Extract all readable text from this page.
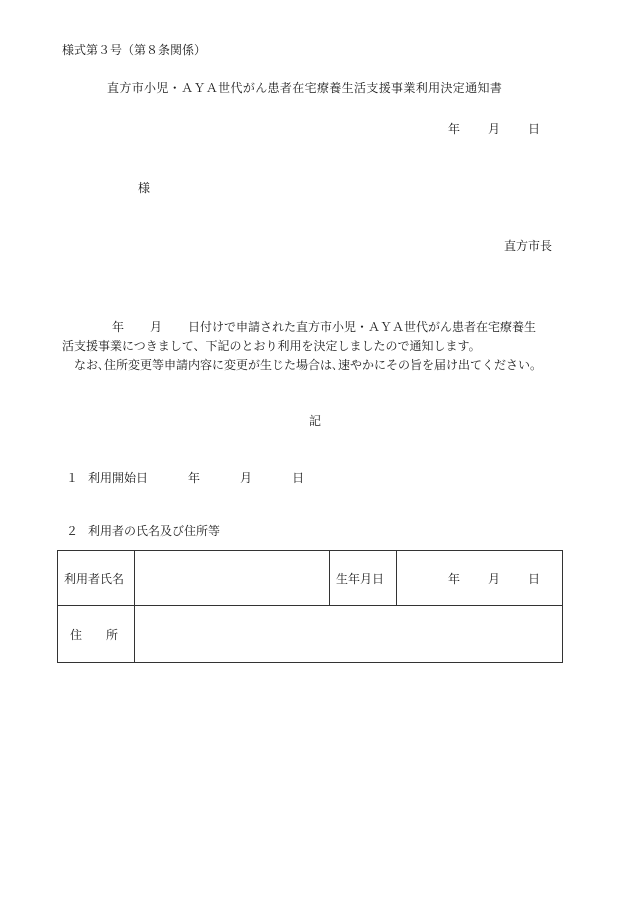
様式第３号（第８条関係）
直方市小児・ＡＹＡ世代がん患者在宅療養生活支援事業利用決定通知書
年 月 日
様
直方市長

年 月 日付けで申請された直方市小児・ＡＹＡ世代がん患者在宅療養生

活支援事業につきまして、下記のとおり利用を決定しましたので通知します。

なお､住所変更等申請内容に変更が生じた場合は､速やかにその旨を届け出てください。

記
１ 利用開始日	年	月	日
２ 利用者の氏名及び住所等
利用者氏名		生年月日	年 月 日
住 所			
